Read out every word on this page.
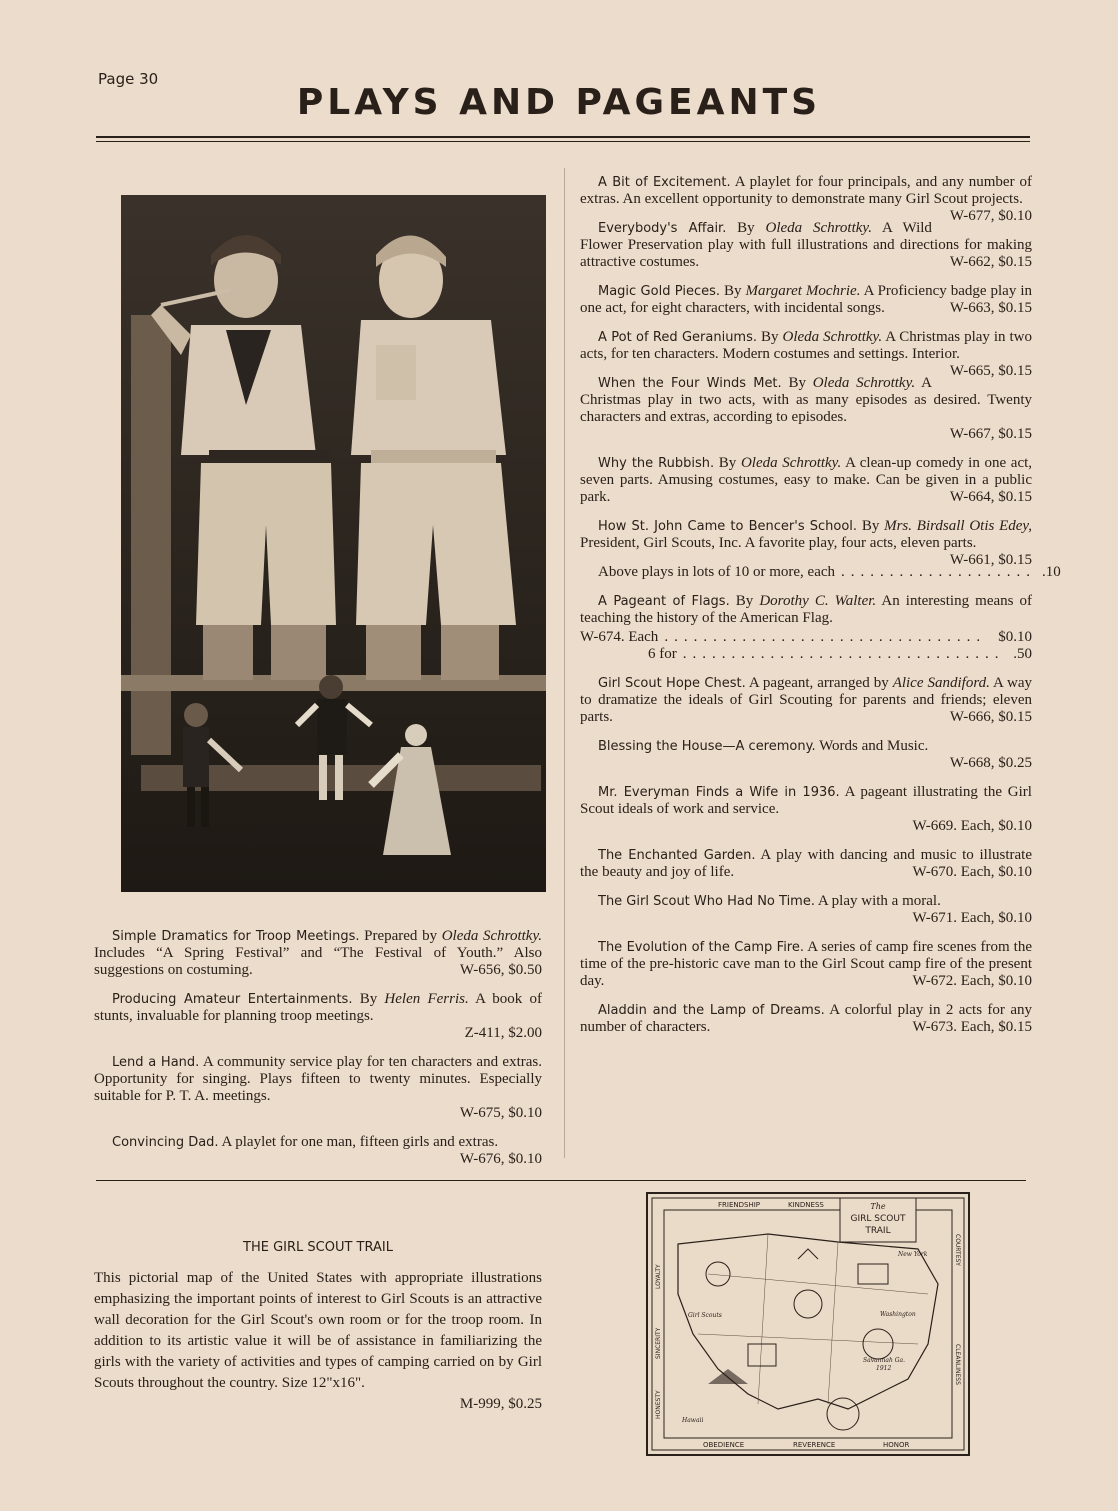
Page 30
PLAYS AND PAGEANTS
A Bit of Excitement. A playlet for four principals, and any number of extras. An excellent opportunity to demonstrate many Girl Scout projects.
W-677, $0.10
Everybody's Affair. By Oleda Schrottky. A Wild Flower Preservation play with full illustrations and directions for making attractive costumes.	W-662, $0.15
Magic Gold Pieces. By Margaret Mochrie. A Proficiency badge play in one act, for eight characters, with incidental songs.	W-663, $0.15
A Pot of Red Geraniums. By Oleda Schrottky. A Christmas play in two acts, for ten characters. Modern costumes and settings. Interior.
W-665, $0.15
When the Four Winds Met. By Oleda Schrottky. A Christmas play in two acts, with as many episodes as desired. Twenty characters and extras, according to episodes.
W-667, $0.15
Why the Rubbish. By Oleda Schrottky. A clean-up comedy in one act, seven parts. Amusing costumes, easy to make. Can be given in a public park.	W-664, $0.15
How St. John Came to Bencer's School. By Mrs. Birdsall Otis Edey, President, Girl Scouts, Inc. A favorite play, four acts, eleven parts.
W-661, $0.15
Above plays in lots of 10 or more, each .................... .10
A Pageant of Flags. By Dorothy C. Walter. An interesting means of teaching the history of the American Flag.
W-674. Each ................................. $0.10
6 for ................................. .50
Girl Scout Hope Chest. A pageant, arranged by Alice Sandiford. A way to dramatize the ideals of Girl Scouting for parents and friends; eleven parts.	W-666, $0.15
Blessing the House—A ceremony. Words and Music.
W-668, $0.25
Mr. Everyman Finds a Wife in 1936. A pageant illustrating the Girl Scout ideals of work and service.
W-669. Each, $0.10
The Enchanted Garden. A play with dancing and music to illustrate the beauty and joy of life.	W-670. Each, $0.10
The Girl Scout Who Had No Time. A play with a moral.
W-671. Each, $0.10
The Evolution of the Camp Fire. A series of camp fire scenes from the time of the pre-historic cave man to the Girl Scout camp fire of the present day.	W-672. Each, $0.10
Aladdin and the Lamp of Dreams. A colorful play in 2 acts for any number of characters.	W-673. Each, $0.15
Simple Dramatics for Troop Meetings. Prepared by Oleda Schrottky. Includes “A Spring Festival” and “The Festival of Youth.” Also suggestions on costuming.	W-656, $0.50
Producing Amateur Entertainments. By Helen Ferris. A book of stunts, invaluable for planning troop meetings.
Z-411, $2.00
Lend a Hand. A community service play for ten characters and extras. Opportunity for singing. Plays fifteen to twenty minutes. Especially suitable for P. T. A. meetings.
W-675, $0.10
Convincing Dad. A playlet for one man, fifteen girls and extras.
W-676, $0.10
THE GIRL SCOUT TRAIL
This pictorial map of the United States with appropriate illustrations emphasizing the important points of interest to Girl Scouts is an attractive wall decoration for the Girl Scout's own room or for the troop room. In addition to its artistic value it will be of assistance in familiarizing the girls with the variety of activities and types of camping carried on by Girl Scouts throughout the country. Size 12"x16".
M-999, $0.25
FRIENDSHIP	KINDNESS
OBEDIENCE	REVERENCE	HONOR
HONESTY
SINCERITY
LOYALTY
CLEANLINESS
COURTESY
The
GIRL SCOUT
TRAIL
Girl Scouts
Savannah Ga.
1912
Washington
New York
Hawaii
